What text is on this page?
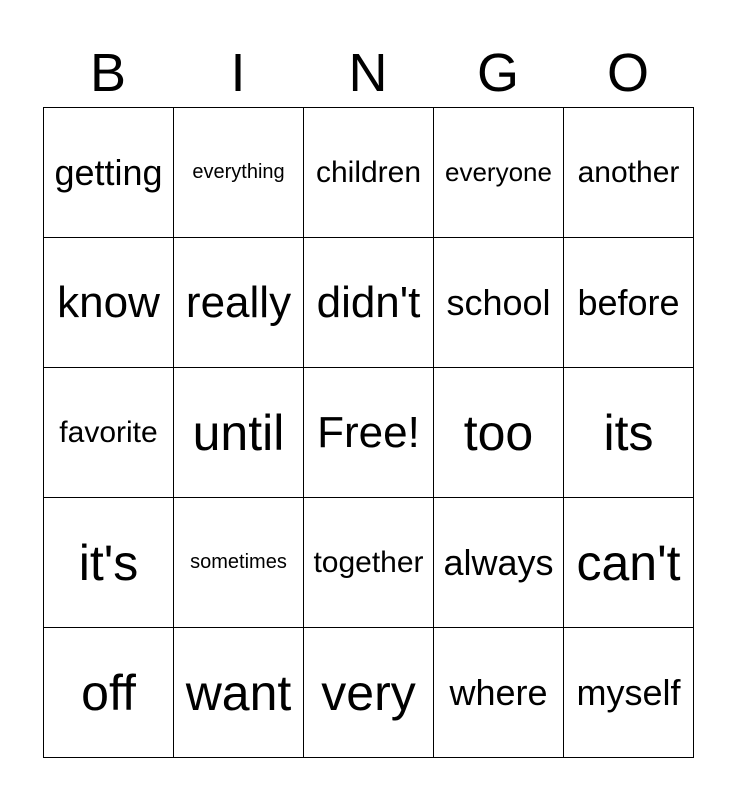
B	I	N	G	O
getting	everything	children everyone another
know really didn't school before
favorite until Free! too	its
it's	sometimes together always can't
off want very where myself
